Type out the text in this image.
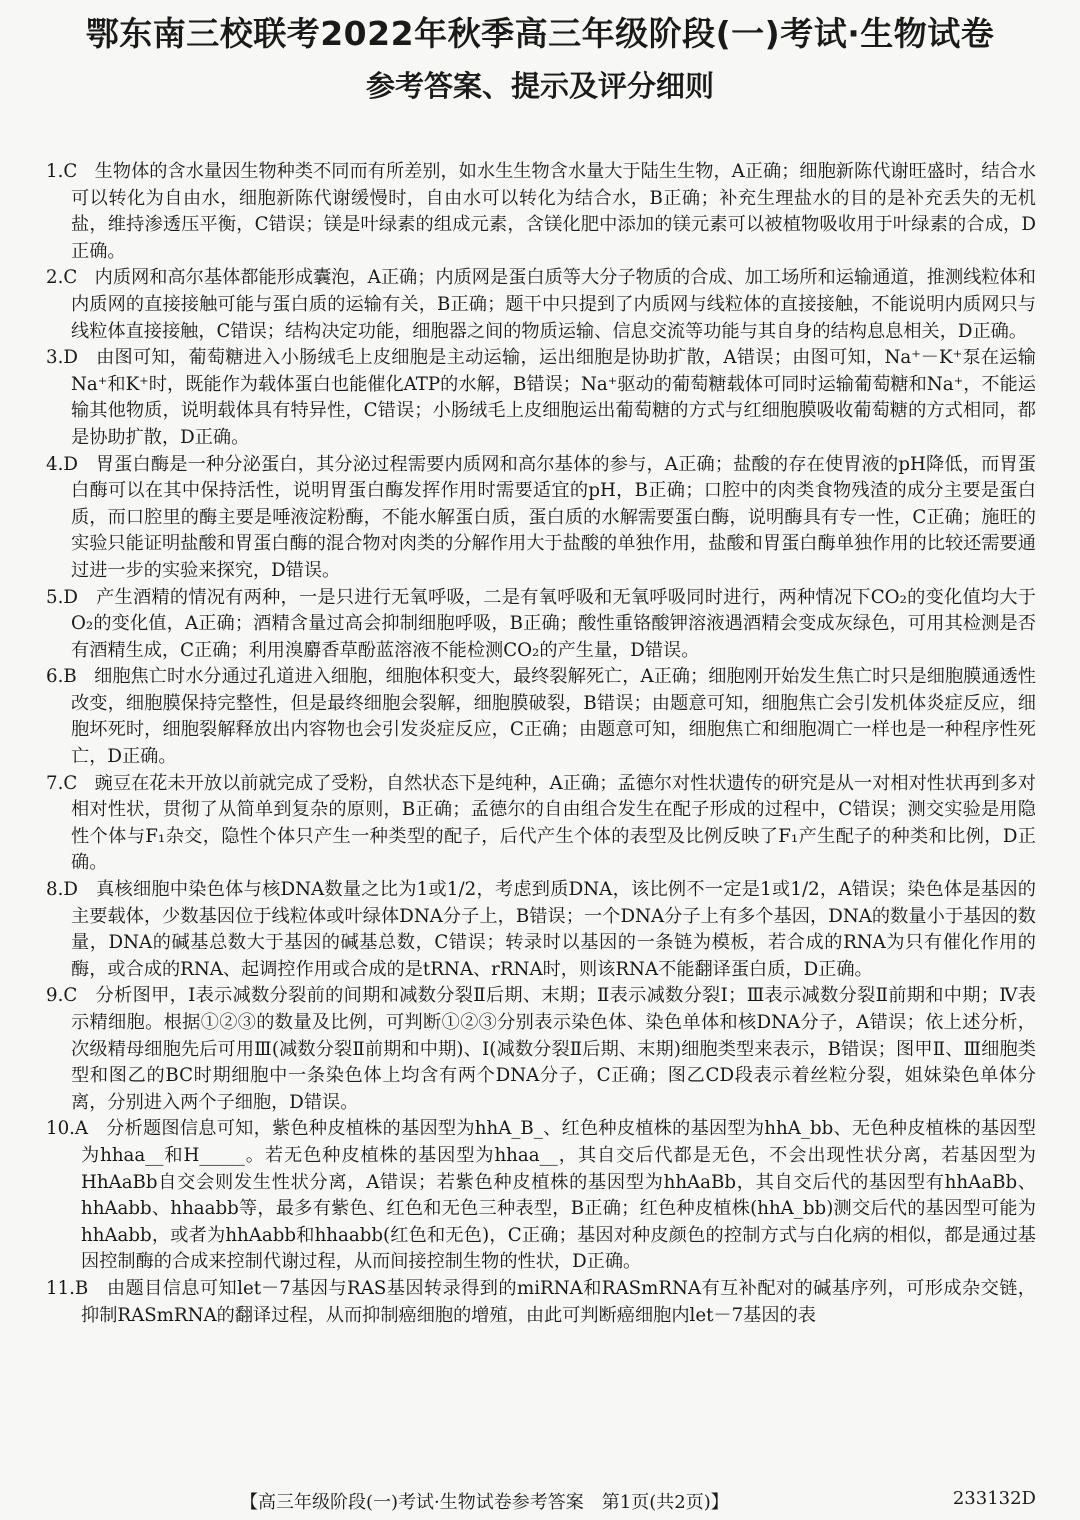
鄂东南三校联考2022年秋季高三年级阶段(一)考试·生物试卷
参考答案、提示及评分细则
1.C 生物体的含水量因生物种类不同而有所差别，如水生生物含水量大于陆生生物，A正确；细胞新陈代谢旺盛时，结合水可以转化为自由水，细胞新陈代谢缓慢时，自由水可以转化为结合水，B正确；补充生理盐水的目的是补充丢失的无机盐，维持渗透压平衡，C错误；镁是叶绿素的组成元素，含镁化肥中添加的镁元素可以被植物吸收用于叶绿素的合成，D正确。
2.C 内质网和高尔基体都能形成囊泡，A正确；内质网是蛋白质等大分子物质的合成、加工场所和运输通道，推测线粒体和内质网的直接接触可能与蛋白质的运输有关，B正确；题干中只提到了内质网与线粒体的直接接触，不能说明内质网只与线粒体直接接触，C错误；结构决定功能，细胞器之间的物质运输、信息交流等功能与其自身的结构息息相关，D正确。
3.D 由图可知，葡萄糖进入小肠绒毛上皮细胞是主动运输，运出细胞是协助扩散，A错误；由图可知，Na⁺－K⁺泵在运输Na⁺和K⁺时，既能作为载体蛋白也能催化ATP的水解，B错误；Na⁺驱动的葡萄糖载体可同时运输葡萄糖和Na⁺，不能运输其他物质，说明载体具有特异性，C错误；小肠绒毛上皮细胞运出葡萄糖的方式与红细胞膜吸收葡萄糖的方式相同，都是协助扩散，D正确。
4.D 胃蛋白酶是一种分泌蛋白，其分泌过程需要内质网和高尔基体的参与，A正确；盐酸的存在使胃液的pH降低，而胃蛋白酶可以在其中保持活性，说明胃蛋白酶发挥作用时需要适宜的pH，B正确；口腔中的肉类食物残渣的成分主要是蛋白质，而口腔里的酶主要是唾液淀粉酶，不能水解蛋白质，蛋白质的水解需要蛋白酶，说明酶具有专一性，C正确；施旺的实验只能证明盐酸和胃蛋白酶的混合物对肉类的分解作用大于盐酸的单独作用，盐酸和胃蛋白酶单独作用的比较还需要通过进一步的实验来探究，D错误。
5.D 产生酒精的情况有两种，一是只进行无氧呼吸，二是有氧呼吸和无氧呼吸同时进行，两种情况下CO₂的变化值均大于O₂的变化值，A正确；酒精含量过高会抑制细胞呼吸，B正确；酸性重铬酸钾溶液遇酒精会变成灰绿色，可用其检测是否有酒精生成，C正确；利用溴麝香草酚蓝溶液不能检测CO₂的产生量，D错误。
6.B 细胞焦亡时水分通过孔道进入细胞，细胞体积变大，最终裂解死亡，A正确；细胞刚开始发生焦亡时只是细胞膜通透性改变，细胞膜保持完整性，但是最终细胞会裂解，细胞膜破裂，B错误；由题意可知，细胞焦亡会引发机体炎症反应，细胞坏死时，细胞裂解释放出内容物也会引发炎症反应，C正确；由题意可知，细胞焦亡和细胞凋亡一样也是一种程序性死亡，D正确。
7.C 豌豆在花未开放以前就完成了受粉，自然状态下是纯种，A正确；孟德尔对性状遗传的研究是从一对相对性状再到多对相对性状，贯彻了从简单到复杂的原则，B正确；孟德尔的自由组合发生在配子形成的过程中，C错误；测交实验是用隐性个体与F₁杂交，隐性个体只产生一种类型的配子，后代产生个体的表型及比例反映了F₁产生配子的种类和比例，D正确。
8.D 真核细胞中染色体与核DNA数量之比为1或1/2，考虑到质DNA，该比例不一定是1或1/2，A错误；染色体是基因的主要载体，少数基因位于线粒体或叶绿体DNA分子上，B错误；一个DNA分子上有多个基因，DNA的数量小于基因的数量，DNA的碱基总数大于基因的碱基总数，C错误；转录时以基因的一条链为模板，若合成的RNA为只有催化作用的酶，或合成的RNA、起调控作用或合成的是tRNA、rRNA时，则该RNA不能翻译蛋白质，D正确。
9.C 分析图甲，Ⅰ表示减数分裂前的间期和减数分裂Ⅱ后期、末期；Ⅱ表示减数分裂Ⅰ；Ⅲ表示减数分裂Ⅱ前期和中期；Ⅳ表示精细胞。根据①②③的数量及比例，可判断①②③分别表示染色体、染色单体和核DNA分子，A错误；依上述分析，次级精母细胞先后可用Ⅲ(减数分裂Ⅱ前期和中期)、Ⅰ(减数分裂Ⅱ后期、末期)细胞类型来表示，B错误；图甲Ⅱ、Ⅲ细胞类型和图乙的BC时期细胞中一条染色体上均含有两个DNA分子，C正确；图乙CD段表示着丝粒分裂，姐妹染色单体分离，分别进入两个子细胞，D错误。
10.A 分析题图信息可知，紫色种皮植株的基因型为hhA_B_、红色种皮植株的基因型为hhA_bb、无色种皮植株的基因型为hhaa__和H_____。若无色种皮植株的基因型为hhaa__，其自交后代都是无色，不会出现性状分离，若基因型为HhAaBb自交会则发生性状分离，A错误；若紫色种皮植株的基因型为hhAaBb，其自交后代的基因型有hhAaBb、hhAabb、hhaabb等，最多有紫色、红色和无色三种表型，B正确；红色种皮植株(hhA_bb)测交后代的基因型可能为hhAabb，或者为hhAabb和hhaabb(红色和无色)，C正确；基因对种皮颜色的控制方式与白化病的相似，都是通过基因控制酶的合成来控制代谢过程，从而间接控制生物的性状，D正确。
11.B 由题目信息可知let－7基因与RAS基因转录得到的miRNA和RASmRNA有互补配对的碱基序列，可形成杂交链，抑制RASmRNA的翻译过程，从而抑制癌细胞的增殖，由此可判断癌细胞内let－7基因的表
【高三年级阶段(一)考试·生物试卷参考答案　第1页(共2页)】	233132D
